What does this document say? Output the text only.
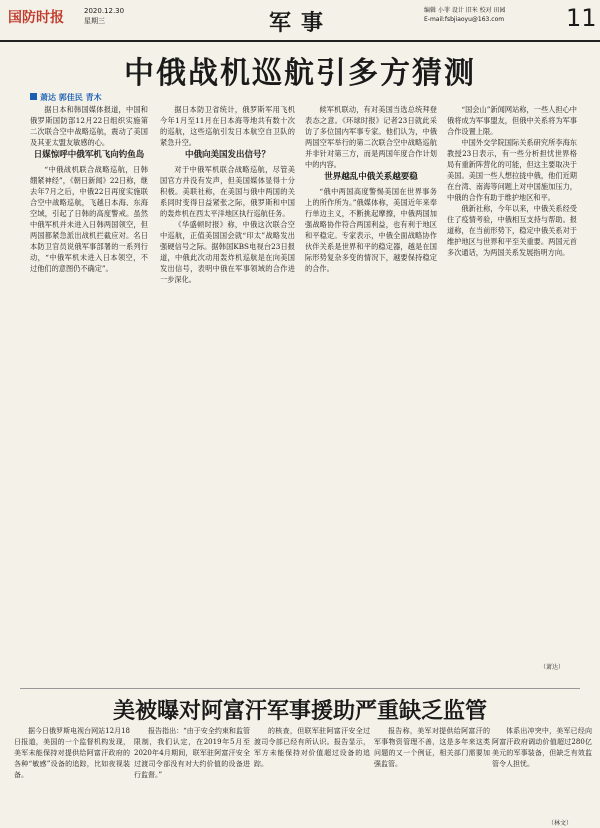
国防时报	2020.12.30
星期三	军事	编辑 小菲 设计 旧米 校对 田园
E-mail:fsbjiaoyu@163.com	11
中俄战机巡航引多方猜测
萧达 郭佳民 青木

据日本和韩国媒体报道，中国和俄罗斯国防部12月22日组织实施第二次联合空中战略巡航，震动了美国及其亚太盟友敏感的心。

日媒惊呼中俄军机飞向钓鱼岛

“中俄战机联合战略巡航，日韩绷紧神经”，《朝日新闻》22日称，继去年7月之后，中俄22日再度实施联合空中战略巡航，飞越日本海、东海空域，引起了日韩的高度警戒。虽然中俄军机并未进入日韩两国领空，但两国都紧急派出战机拦截应对。名日本防卫官员说俄军事部署的一系列行动，“中俄军机未进入日本领空，不过他们的意图仍不确定”。

据日本防卫省统计，俄罗斯军用飞机今年1月至11月在日本海等地共有数十次的巡航，这些巡航引发日本航空自卫队的紧急升空。

中俄向美国发出信号？

对于中俄军机联合战略巡航，尽管美国官方并没有发声，但美国媒体显得十分积极。美联社称，在美国与俄中两国的关系同时变得日益紧张之际，俄罗斯和中国的轰炸机在西太平洋地区执行巡航任务。

《华盛顿时报》称，中俄这次联合空中巡航，正值美国国会就“印太”战略发出强硬信号之际。据韩国KBS电视台23日报道，中俄此次动用轰炸机巡航是在向美国发出信号，表明中俄在军事领域的合作进一步深化。

候军机联动，有对美国当选总统拜登表态之意。《环球时报》记者23日就此采访了多位国内军事专家。他们认为，中俄两国空军举行的第二次联合空中战略巡航并非针对第三方，而是两国年度合作计划中的内容。

世界越乱中俄关系越要稳

“俄中两国高度警惕美国在世界事务上的所作所为。”俄媒体称，美国近年来奉行单边主义，不断挑起摩擦，中俄两国加强战略协作符合两国利益，也有利于地区和平稳定。专家表示，中俄全面战略协作伙伴关系是世界和平的稳定器，越是在国际形势复杂多变的情况下，越要保持稳定的合作。

“国会山”新闻网站称，一些人担心中俄将成为军事盟友，但俄中关系将为军事合作设置上限。

中国外交学院国际关系研究所李海东教授23日表示，有一些分析担忧世界格局有重新阵营化的可能，但这主要取决于美国。美国一些人想拉拢中俄，他们近期在台湾、南海等问题上对中国施加压力，中俄的合作有助于维护地区和平。

俄新社称，今年以来，中俄关系经受住了疫情考验，中俄相互支持与帮助。报道称，在当前形势下，稳定中俄关系对于维护地区与世界和平至关重要。两国元首多次通话，为两国关系发展指明方向。

（萧达）
美被曝对阿富汗军事援助严重缺乏监管

据今日俄罗斯电视台网站12月18日报道，美国的一个监督机构发现，美军未能保持对提供给阿富汗政府的各种“敏感”设备的追踪，比如夜视装备。

报告指出：“由于安全约束和监管限制，我们认定，在2019年5月至2020年4月期间，联军驻阿富汗安全过渡司令部没有对大约价值的设备进行监督。”

的核查，但联军驻阿富汗安全过渡司令部已经有所认识。报告显示，军方未能保持对价值超过设备的追踪。

报告称，美军对提供给阿富汗的军事物资管理不善，这是多年来这类问题的又一个例证，相关部门需要加强监管。

体系出冲突中，美军已经向阿富汗政府调动价值超过280亿美元的军事装备，但缺乏有效监管令人担忧。

（林文）
